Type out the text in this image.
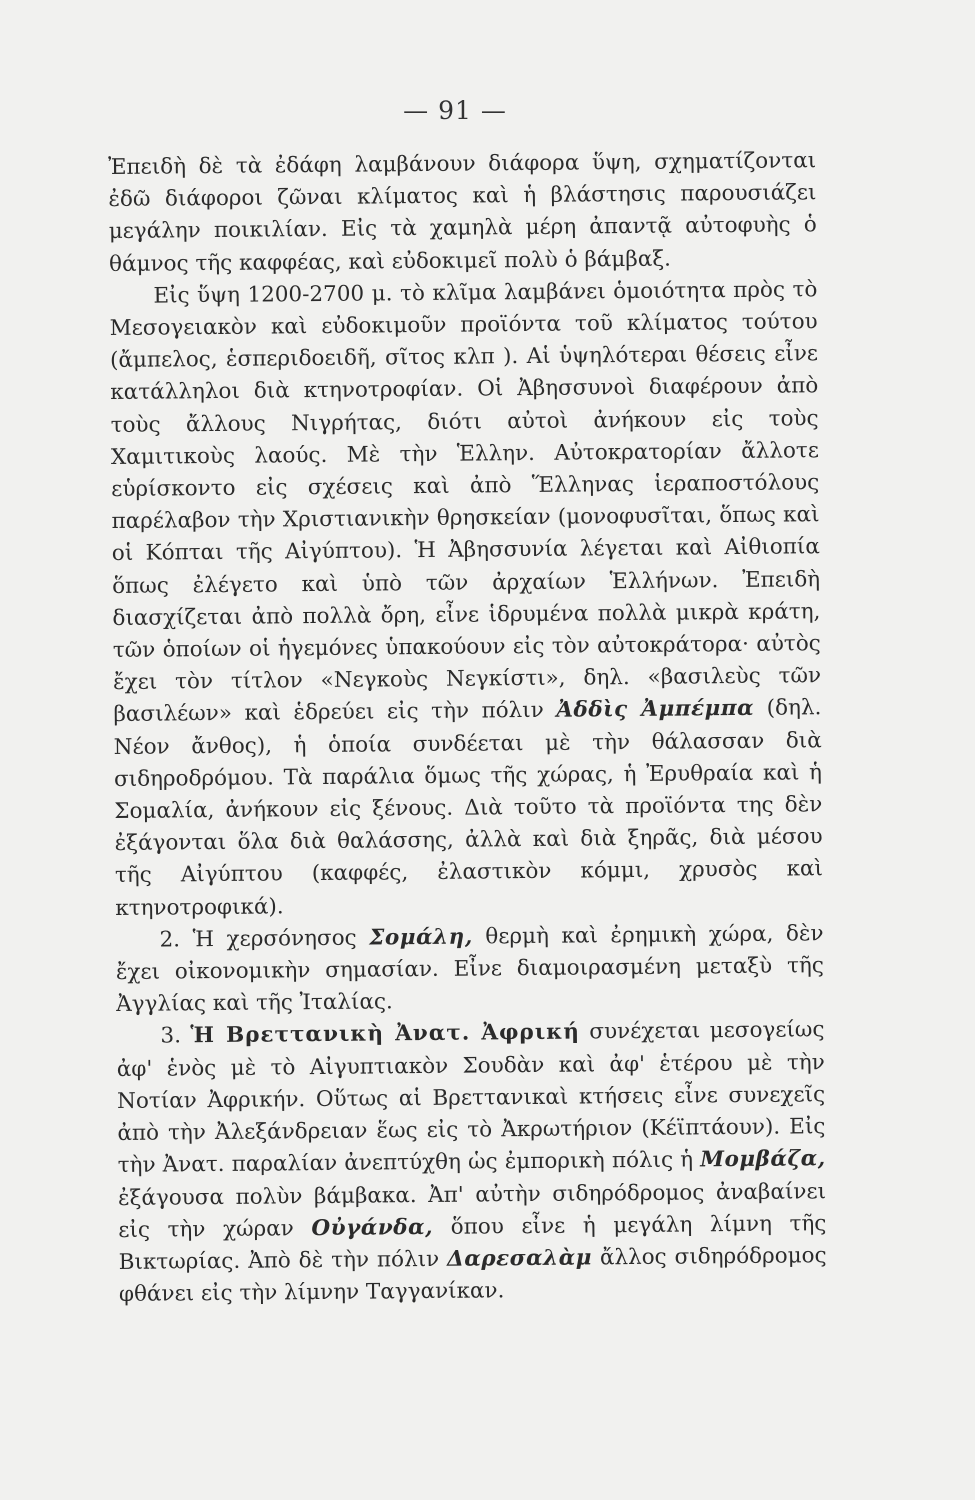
— 91 —

Ἐπειδὴ δὲ τὰ ἐδάφη λαμβάνουν διάφορα ὕψη, σχηματίζονται ἐδῶ διάφοροι ζῶναι κλίματος καὶ ἡ βλάστησις παρουσιάζει μεγάλην ποικιλίαν. Εἰς τὰ χαμηλὰ μέρη ἀπαντᾷ αὐτοφυὴς ὁ θάμνος τῆς καφφέας, καὶ εὐδοκιμεῖ πολὺ ὁ βάμβαξ.

Εἰς ὕψη 1200-2700 μ. τὸ κλῖμα λαμβάνει ὁμοιότητα πρὸς τὸ Μεσογειακὸν καὶ εὐδοκιμοῦν προϊόντα τοῦ κλίματος τούτου (ἄμπελος, ἑσπεριδοειδῆ, σῖτος κλπ ). Αἱ ὑψηλότεραι θέσεις εἶνε κατάλληλοι διὰ κτηνοτροφίαν. Οἱ Ἀβησσυνοὶ διαφέρουν ἀπὸ τοὺς ἄλλους Νιγρήτας, διότι αὐτοὶ ἀνήκουν εἰς τοὺς Χαμιτικοὺς λαούς. Μὲ τὴν Ἑλλην. Αὐτοκρατορίαν ἄλλοτε εὑρίσκοντο εἰς σχέσεις καὶ ἀπὸ Ἕλληνας ἱεραποστόλους παρέλαβον τὴν Χριστιανικὴν θρησκείαν (μονοφυσῖται, ὅπως καὶ οἱ Κόπται τῆς Αἰγύπτου). Ἡ Ἀβησσυνία λέγεται καὶ Αἰθιοπία ὅπως ἐλέγετο καὶ ὑπὸ τῶν ἀρχαίων Ἑλλήνων. Ἐπειδὴ διασχίζεται ἀπὸ πολλὰ ὄρη, εἶνε ἱδρυμένα πολλὰ μικρὰ κράτη, τῶν ὁποίων οἱ ἡγεμόνες ὑπακούουν εἰς τὸν αὐτοκράτορα· αὐτὸς ἔχει τὸν τίτλον «Νεγκοὺς Νεγκίστι», δηλ. «βασιλεὺς τῶν βασιλέων» καὶ ἑδρεύει εἰς τὴν πόλιν Ἀδδὶς Ἀμπέμπα (δηλ. Νέον ἄνθος), ἡ ὁποία συνδέεται μὲ τὴν θάλασσαν διὰ σιδηροδρόμου. Τὰ παράλια ὅμως τῆς χώρας, ἡ Ἐρυθραία καὶ ἡ Σομαλία, ἀνήκουν εἰς ξένους. Διὰ τοῦτο τὰ προϊόντα της δὲν ἐξάγονται ὅλα διὰ θαλάσσης, ἀλλὰ καὶ διὰ ξηρᾶς, διὰ μέσου τῆς Αἰγύπτου (καφφές, ἐλαστικὸν κόμμι, χρυσὸς καὶ κτηνοτροφικά).

2. Ἡ χερσόνησος Σομάλη, θερμὴ καὶ ἐρημικὴ χώρα, δὲν ἔχει οἰκονομικὴν σημασίαν. Εἶνε διαμοιρασμένη μεταξὺ τῆς Ἀγγλίας καὶ τῆς Ἰταλίας.

3. Ἡ Βρεττανικὴ Ἀνατ. Ἀφρική συνέχεται μεσογείως ἀφ' ἑνὸς μὲ τὸ Αἰγυπτιακὸν Σουδὰν καὶ ἀφ' ἑτέρου μὲ τὴν Νοτίαν Ἀφρικήν. Οὕτως αἱ Βρεττανικαὶ κτήσεις εἶνε συνεχεῖς ἀπὸ τὴν Ἀλεξάνδρειαν ἕως εἰς τὸ Ἀκρωτήριον (Κέϊπτάουν). Εἰς τὴν Ἀνατ. παραλίαν ἀνεπτύχθη ὡς ἐμπορικὴ πόλις ἡ Μομβάζα, ἐξάγουσα πολὺν βάμβακα. Ἀπ' αὐτὴν σιδηρόδρομος ἀναβαίνει εἰς τὴν χώραν Οὐγάνδα, ὅπου εἶνε ἡ μεγάλη λίμνη τῆς Βικτωρίας. Ἀπὸ δὲ τὴν πόλιν Δαρεσαλὰμ ἄλλος σιδηρόδρομος φθάνει εἰς τὴν λίμνην Ταγγανίκαν.
